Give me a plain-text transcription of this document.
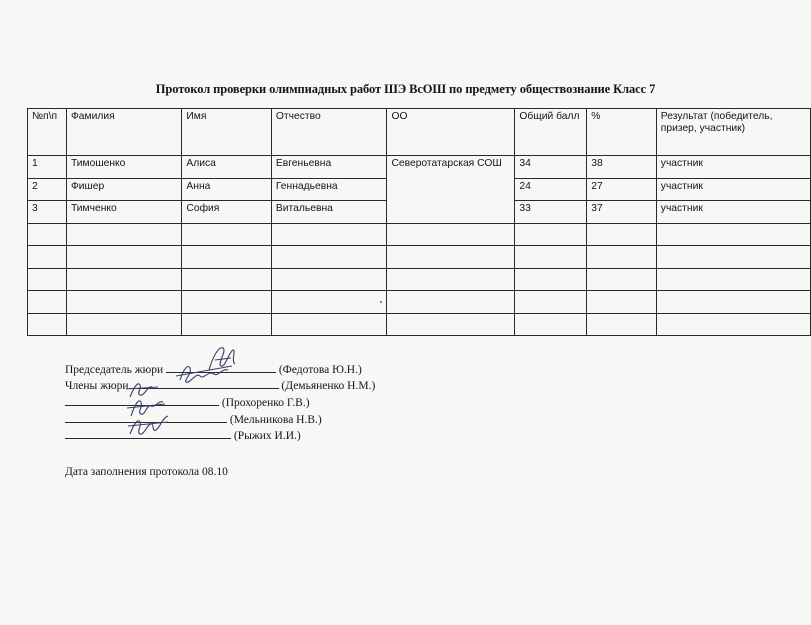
Протокол проверки олимпиадных работ ШЭ ВсОШ по предмету обществознание Класс 7
№п\п	Фамилия	Имя	Отчество	ОО	Общий балл	%	Результат (победитель, призер, участник)
1	Тимошенко	Алиса	Евгеньевна	Северотатарская СОШ	34	38	участник
2	Фишер	Анна	Геннадьевна		24	27	участник
3	Тимченко	София	Витальевна		33	37	участник

Председатель жюри	(Федотова Ю.Н.)
Члены жюри	(Демьяненко Н.М.)
(Прохоренко Г.В.)
(Мельникова Н.В.)
(Рыжих И.И.)
Дата заполнения протокола 08.10
